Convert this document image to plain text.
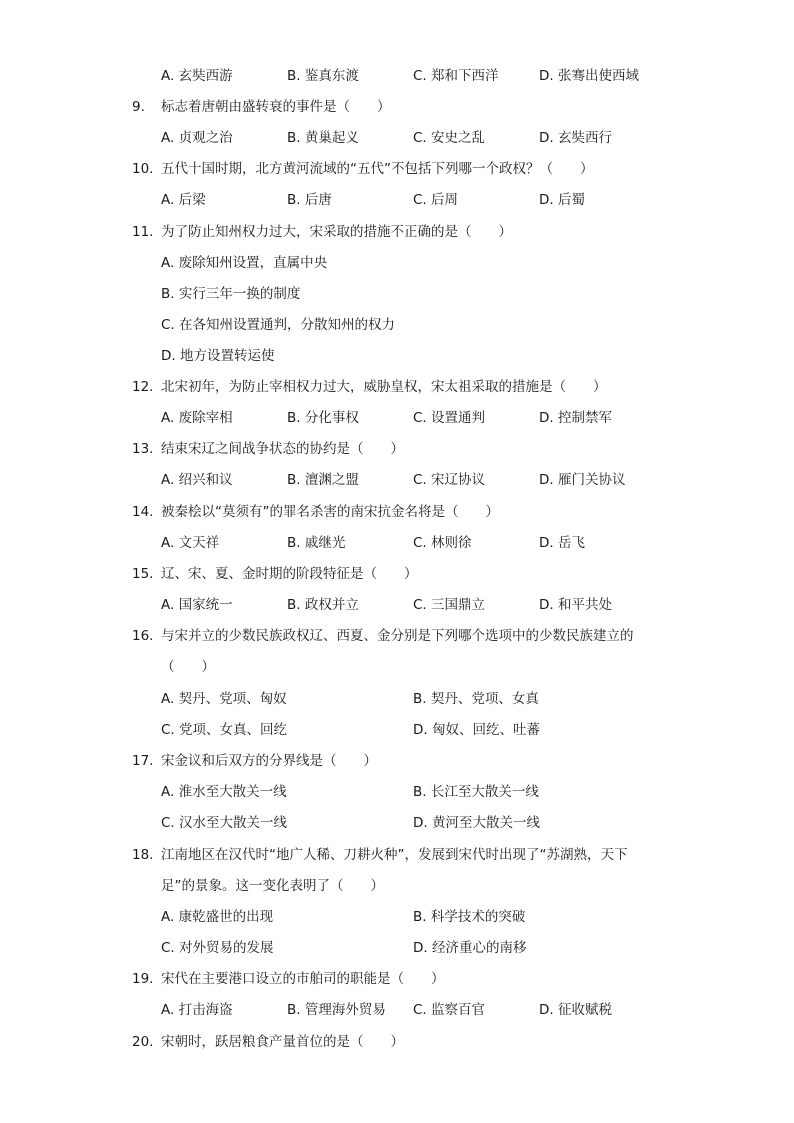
A. 玄奘西游	B. 鉴真东渡	C. 郑和下西洋	D. 张骞出使西域
9. 标志着唐朝由盛转衰的事件是（　　）
A. 贞观之治	B. 黄巢起义	C. 安史之乱	D. 玄奘西行
10. 五代十国时期，北方黄河流域的“五代”不包括下列哪一个政权？（　　）
A. 后梁	B. 后唐	C. 后周	D. 后蜀
11. 为了防止知州权力过大，宋采取的措施不正确的是（　　）
A. 废除知州设置，直属中央
B. 实行三年一换的制度
C. 在各知州设置通判，分散知州的权力
D. 地方设置转运使
12. 北宋初年，为防止宰相权力过大，威胁皇权，宋太祖采取的措施是（　　）
A. 废除宰相	B. 分化事权	C. 设置通判	D. 控制禁军
13. 结束宋辽之间战争状态的协约是（　　）
A. 绍兴和议	B. 澶渊之盟	C. 宋辽协议	D. 雁门关协议
14. 被秦桧以“莫须有”的罪名杀害的南宋抗金名将是（　　）
A. 文天祥	B. 戚继光	C. 林则徐	D. 岳飞
15. 辽、宋、夏、金时期的阶段特征是（　　）
A. 国家统一	B. 政权并立	C. 三国鼎立	D. 和平共处
16. 与宋并立的少数民族政权辽、西夏、金分别是下列哪个选项中的少数民族建立的
（　　）
A. 契丹、党项、匈奴	B. 契丹、党项、女真
C. 党项、女真、回纥	D. 匈奴、回纥、吐蕃
17. 宋金议和后双方的分界线是（　　）
A. 淮水至大散关一线	B. 长江至大散关一线
C. 汉水至大散关一线	D. 黄河至大散关一线
18. 江南地区在汉代时“地广人稀、刀耕火种”，发展到宋代时出现了“苏湖熟，天下
足”的景象。这一变化表明了（　　）
A. 康乾盛世的出现	B. 科学技术的突破
C. 对外贸易的发展	D. 经济重心的南移
19. 宋代在主要港口设立的市舶司的职能是（　　）
A. 打击海盗	B. 管理海外贸易 C. 监察百官	D. 征收赋税
20. 宋朝时，跃居粮食产量首位的是（　　）
